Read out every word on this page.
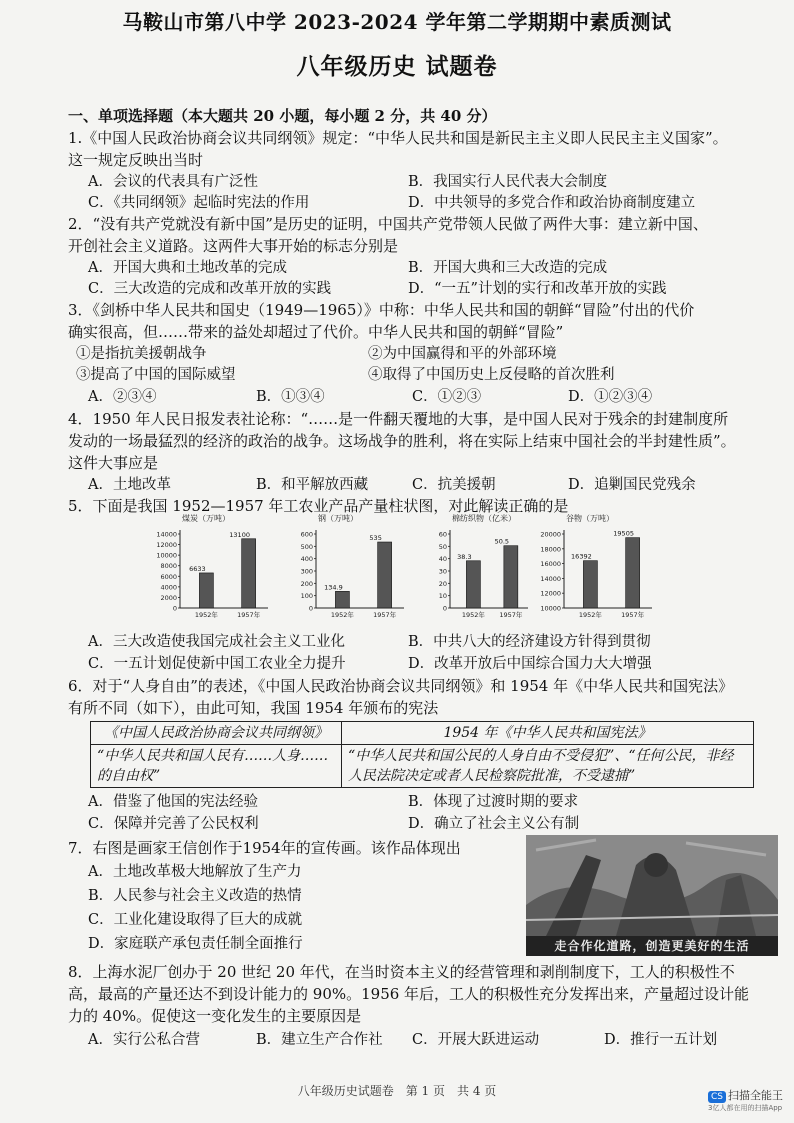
马鞍山市第八中学 2023-2024 学年第二学期期中素质测试
八年级历史 试题卷
一、单项选择题（本大题共 20 小题，每小题 2 分，共 40 分）
1.《中国人民政治协商会议共同纲领》规定：“中华人民共和国是新民主主义即人民民主主义国家”。
这一规定反映出当时
A．会议的代表具有广泛性	B．我国实行人民代表大会制度
C．《共同纲领》起临时宪法的作用	D．中共领导的多党合作和政治协商制度建立
2．“没有共产党就没有新中国”是历史的证明，中国共产党带领人民做了两件大事：建立新中国、
开创社会主义道路。这两件大事开始的标志分别是
A．开国大典和土地改革的完成	B．开国大典和三大改造的完成
C．三大改造的完成和改革开放的实践	D．“一五”计划的实行和改革开放的实践
3．《剑桥中华人民共和国史（1949—1965）》中称：中华人民共和国的朝鲜“冒险”付出的代价
确实很高，但……带来的益处却超过了代价。中华人民共和国的朝鲜“冒险”
①是指抗美援朝战争	②为中国赢得和平的外部环境
③提高了中国的国际威望	④取得了中国历史上反侵略的首次胜利
A．②③④	B．①③④	C．①②③	D．①②③④
4．1950 年人民日报发表社论称：“……是一件翻天覆地的大事，是中国人民对于残余的封建制度所
发动的一场最猛烈的经济的政治的战争。这场战争的胜利，将在实际上结束中国社会的半封建性质”。
这件大事应是
A．土地改革	B．和平解放西藏	C．抗美援朝	D．追剿国民党残余
5．下面是我国 1952—1957 年工农业产品产量柱状图，对此解读正确的是
煤炭（万吨）
14000
12000
10000
8000
6000
4000
2000
0
6633
1952年
13100
1957年
钢（万吨）
600
500
400
300
200
100
0
134.9
1952年
535
1957年
棉纺织物（亿米）
60
50
40
30
20
10
0
38.3
1952年
50.5
1957年
谷物（万吨）
20000
18000
16000
14000
12000
10000
16392
1952年
19505
1957年
A．三大改造使我国完成社会主义工业化	B．中共八大的经济建设方针得到贯彻
C．一五计划促使新中国工农业全力提升	D．改革开放后中国综合国力大大增强
6．对于“人身自由”的表述，《中国人民政治协商会议共同纲领》和 1954 年《中华人民共和国宪法》
有所不同（如下），由此可知，我国 1954 年颁布的宪法
《中国人民政治协商会议共同纲领》	1954 年《中华人民共和国宪法》
“中华人民共和国人民有……人身……的自由权”	“中华人民共和国公民的人身自由不受侵犯”、“任何公民，非经人民法院决定或者人民检察院批准，不受逮捕”
A．借鉴了他国的宪法经验	B．体现了过渡时期的要求
C．保障并完善了公民权利	D．确立了社会主义公有制
7．右图是画家王信创作于1954年的宣传画。该作品体现出
A．土地改革极大地解放了生产力
B．人民参与社会主义改造的热情
C．工业化建设取得了巨大的成就
D．家庭联产承包责任制全面推行	走合作化道路，创造更美好的生活
8．上海水泥厂创办于 20 世纪 20 年代，在当时资本主义的经营管理和剥削制度下，工人的积极性不
高，最高的产量还达不到设计能力的 90%。1956 年后，工人的积极性充分发挥出来，产量超过设计能
力的 40%。促使这一变化发生的主要原因是
A．实行公私合营	B．建立生产合作社 C．开展大跃进运动	D．推行一五计划
八年级历史试题卷　第 1 页　共 4 页	CS 扫描全能王
3亿人都在用的扫描App
